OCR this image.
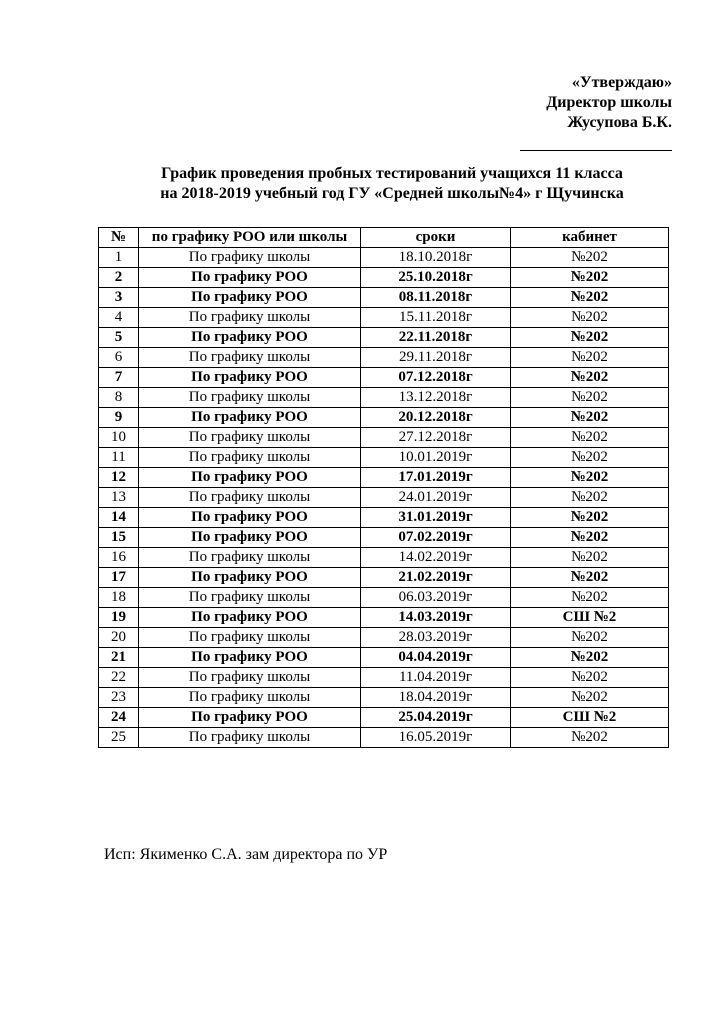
«Утверждаю»
Директор школы
Жусупова Б.К.
График проведения пробных тестирований учащихся 11 класса
на 2018-2019 учебный год ГУ «Средней школы№4» г Щучинска
№	по графику РОО или школы	сроки	кабинет
1	По графику школы	18.10.2018г	№202
2	По графику РОО	25.10.2018г	№202
3	По графику РОО	08.11.2018г	№202
4	По графику школы	15.11.2018г	№202
5	По графику РОО	22.11.2018г	№202
6	По графику школы	29.11.2018г	№202
7	По графику РОО	07.12.2018г	№202
8	По графику школы	13.12.2018г	№202
9	По графику РОО	20.12.2018г	№202
10	По графику школы	27.12.2018г	№202
11	По графику школы	10.01.2019г	№202
12	По графику РОО	17.01.2019г	№202
13	По графику школы	24.01.2019г	№202
14	По графику РОО	31.01.2019г	№202
15	По графику РОО	07.02.2019г	№202
16	По графику школы	14.02.2019г	№202
17	По графику РОО	21.02.2019г	№202
18	По графику школы	06.03.2019г	№202
19	По графику РОО	14.03.2019г	СШ №2
20	По графику школы	28.03.2019г	№202
21	По графику РОО	04.04.2019г	№202
22	По графику школы	11.04.2019г	№202
23	По графику школы	18.04.2019г	№202
24	По графику РОО	25.04.2019г	СШ №2
25	По графику школы	16.05.2019г	№202
Исп: Якименко С.А. зам директора по УР
